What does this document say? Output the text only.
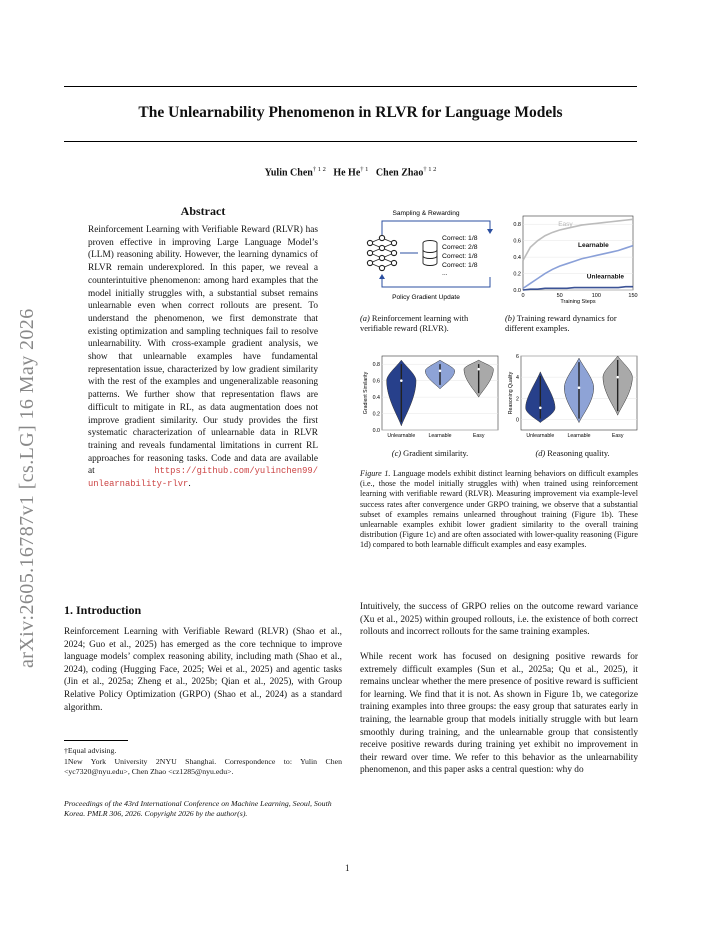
arXiv:2605.16787v1 [cs.LG] 16 May 2026
The Unlearnability Phenomenon in RLVR for Language Models
Yulin Chen$^{\dagger 1 2}$ He He$^{\dagger 1}$ Chen Zhao$^{\dagger 1 2}$
Abstract
Reinforcement Learning with Verifiable Reward (RLVR) has proven effective in improving Large Language Model’s (LLM) reasoning ability. However, the learning dynamics of RLVR remain underexplored. In this paper, we reveal a counterintuitive phenomenon: among hard examples that the model initially struggles with, a substantial subset remains unlearnable even when correct rollouts are present. To understand the phenomenon, we first demonstrate that existing optimization and sampling techniques fail to resolve unlearnability. With cross-example gradient analysis, we show that unlearnable examples have fundamental representation issue, characterized by low gradient similarity with the rest of the examples and ungeneralizable reasoning patterns. We further show that representation flaws are difficult to mitigate in RL, as data augmentation does not improve gradient similarity. Our study provides the first systematic characterization of unlearnable data in RLVR training and reveals fundamental limitations in current RL approaches for reasoning tasks. Code and data are available at	https://github.com/yulinchen99/ unlearnability-rlvr.
Sampling & Rewarding
Policy Gradient Update
Correct: 1/8
Correct: 2/8
Correct: 1/8
Correct: 1/8
...
(a) Reinforcement learning with verifiable reward (RLVR).
0.0
0.2
0.4
0.6
0.8
0	50	100	150
Training Steps
Easy
Learnable
Unlearnable
(b) Training reward dynamics for different examples.
0.0
0.2
0.4
0.6
0.8
Gradient Similarity
Unlearnable	Learnable	Easy
(c) Gradient similarity.
0
2
4
6
Reasoning Quality
Unlearnable	Learnable	Easy
(d) Reasoning quality.
Figure 1. Language models exhibit distinct learning behaviors on difficult examples (i.e., those the model initially struggles with) when trained using reinforcement learning with verifiable reward (RLVR). Measuring improvement via example-level success rates after convergence under GRPO training, we observe that a substantial subset of examples remains unlearned throughout training (Figure 1b). These unlearnable examples exhibit lower gradient similarity to the overall training distribution (Figure 1c) and are often associated with lower-quality reasoning (Figure 1d) compared to both learnable difficult examples and easy examples.
1. Introduction
Reinforcement Learning with Verifiable Reward (RLVR) (Shao et al., 2024; Guo et al., 2025) has emerged as the core technique to improve language models’ complex reasoning ability, including math (Shao et al., 2024), coding (Hugging Face, 2025; Wei et al., 2025) and agentic tasks (Jin et al., 2025a; Zheng et al., 2025b; Qian et al., 2025), with Group Relative Policy Optimization (GRPO) (Shao et al., 2024) as a standard algorithm.
†Equal advising.
1New York University 2NYU Shanghai. Correspondence to: Yulin Chen <yc7320@nyu.edu>, Chen Zhao <cz1285@nyu.edu>.
Proceedings of the 43rd International Conference on Machine Learning, Seoul, South Korea. PMLR 306, 2026. Copyright 2026 by the author(s).
Intuitively, the success of GRPO relies on the outcome reward variance (Xu et al., 2025) within grouped rollouts, i.e. the existence of both correct rollouts and incorrect rollouts for the same training examples.
While recent work has focused on designing positive rewards for extremely difficult examples (Sun et al., 2025a; Qu et al., 2025), it remains unclear whether the mere presence of positive reward is sufficient for learning. We find that it is not. As shown in Figure 1b, we categorize training examples into three groups: the easy group that saturates early in training, the learnable group that models initially struggle with but learn smoothly during training, and the unlearnable group that consistently receive positive rewards during training yet exhibit no improvement in their reward over time. We refer to this behavior as the unlearnability phenomenon, and this paper asks a central question: why do
1
